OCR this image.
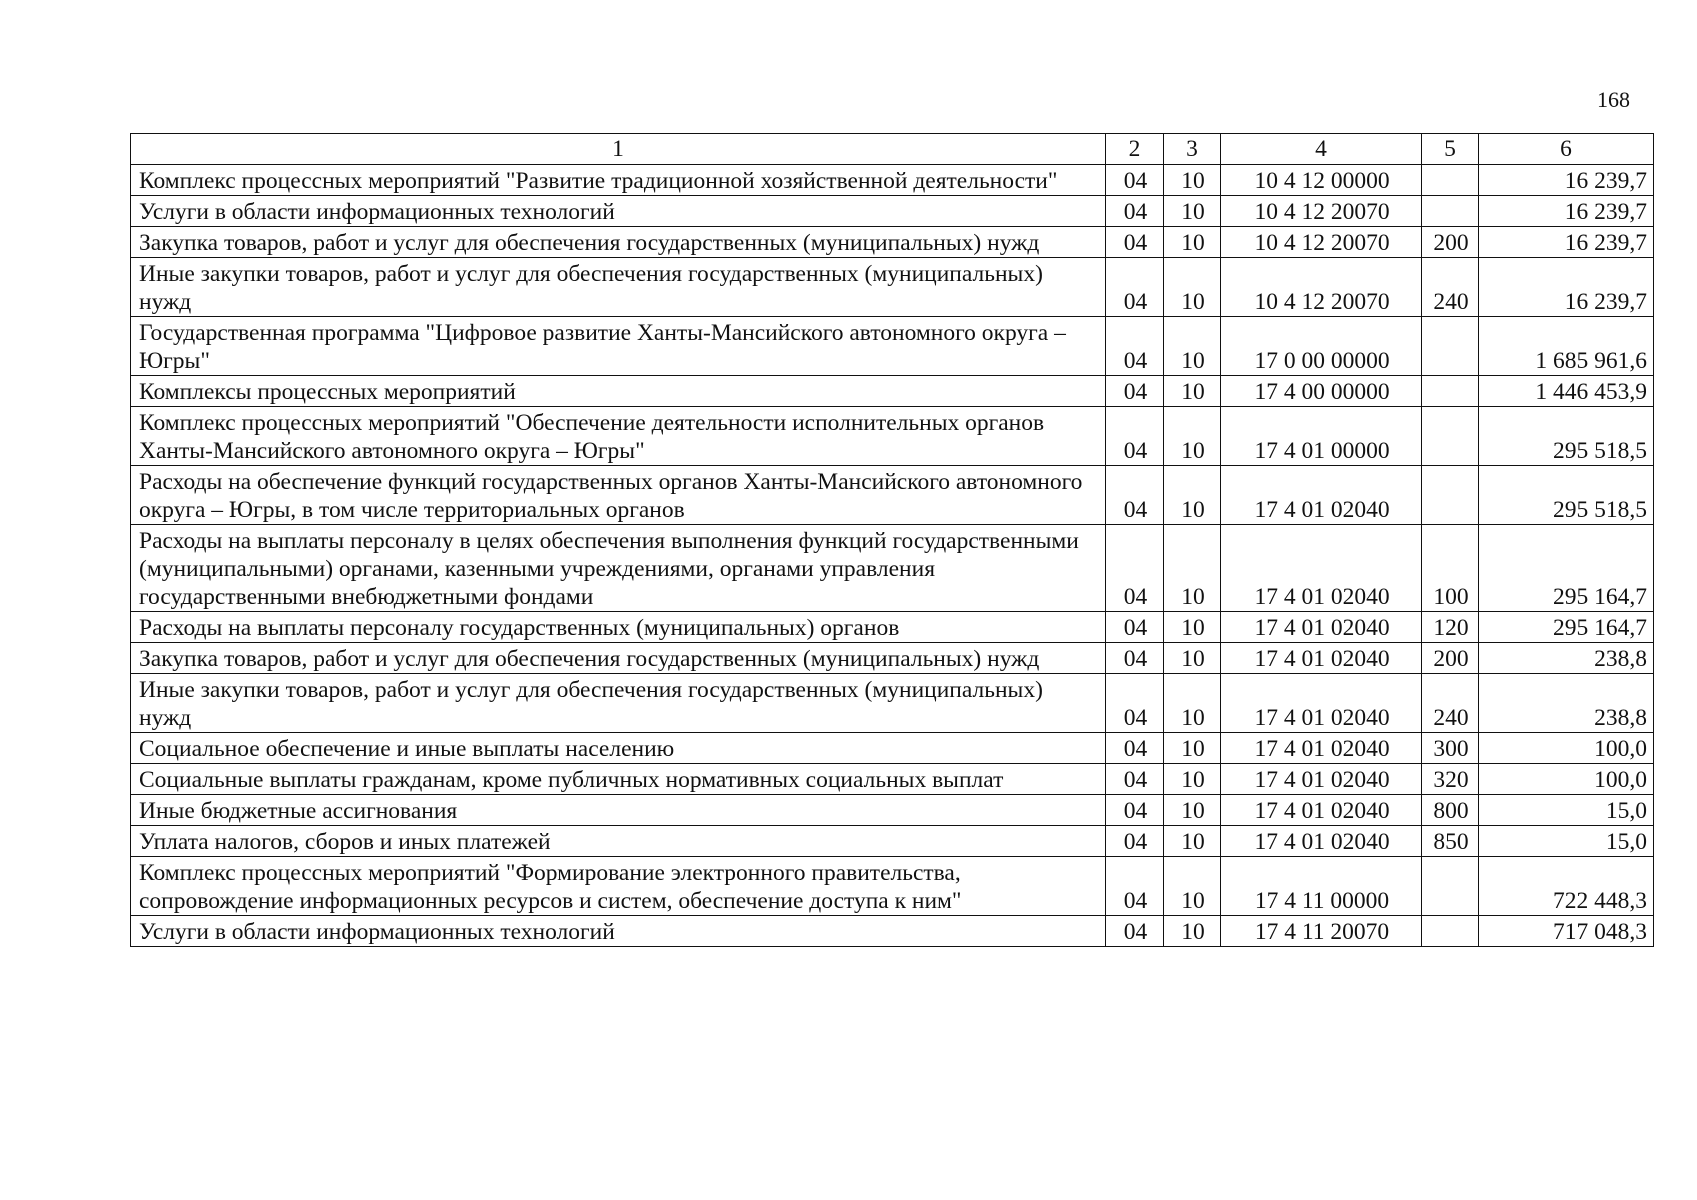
168
1	2	3	4	5	6
Комплекс процессных мероприятий "Развитие традиционной хозяйственной деятельности"	04	10	10 4 12 00000		16 239,7
Услуги в области информационных технологий	04	10	10 4 12 20070		16 239,7
Закупка товаров, работ и услуг для обеспечения государственных (муниципальных) нужд	04	10	10 4 12 20070	200	16 239,7
Иные закупки товаров, работ и услуг для обеспечения государственных (муниципальных) нужд	04	10	10 4 12 20070	240	16 239,7
Государственная программа "Цифровое развитие Ханты-Мансийского автономного округа – Югры"	04	10	17 0 00 00000		1 685 961,6
Комплексы процессных мероприятий	04	10	17 4 00 00000		1 446 453,9
Комплекс процессных мероприятий "Обеспечение деятельности исполнительных органов Ханты-Мансийского автономного округа – Югры"	04	10	17 4 01 00000		295 518,5
Расходы на обеспечение функций государственных органов Ханты-Мансийского автономного округа – Югры, в том числе территориальных органов	04	10	17 4 01 02040		295 518,5
Расходы на выплаты персоналу в целях обеспечения выполнения функций государственными (муниципальными) органами, казенными учреждениями, органами управления государственными внебюджетными фондами	04	10	17 4 01 02040	100	295 164,7
Расходы на выплаты персоналу государственных (муниципальных) органов	04	10	17 4 01 02040	120	295 164,7
Закупка товаров, работ и услуг для обеспечения государственных (муниципальных) нужд	04	10	17 4 01 02040	200	238,8
Иные закупки товаров, работ и услуг для обеспечения государственных (муниципальных) нужд	04	10	17 4 01 02040	240	238,8
Социальное обеспечение и иные выплаты населению	04	10	17 4 01 02040	300	100,0
Социальные выплаты гражданам, кроме публичных нормативных социальных выплат	04	10	17 4 01 02040	320	100,0
Иные бюджетные ассигнования	04	10	17 4 01 02040	800	15,0
Уплата налогов, сборов и иных платежей	04	10	17 4 01 02040	850	15,0
Комплекс процессных мероприятий "Формирование электронного правительства, сопровождение информационных ресурсов и систем, обеспечение доступа к ним"	04	10	17 4 11 00000		722 448,3
Услуги в области информационных технологий	04	10	17 4 11 20070		717 048,3
